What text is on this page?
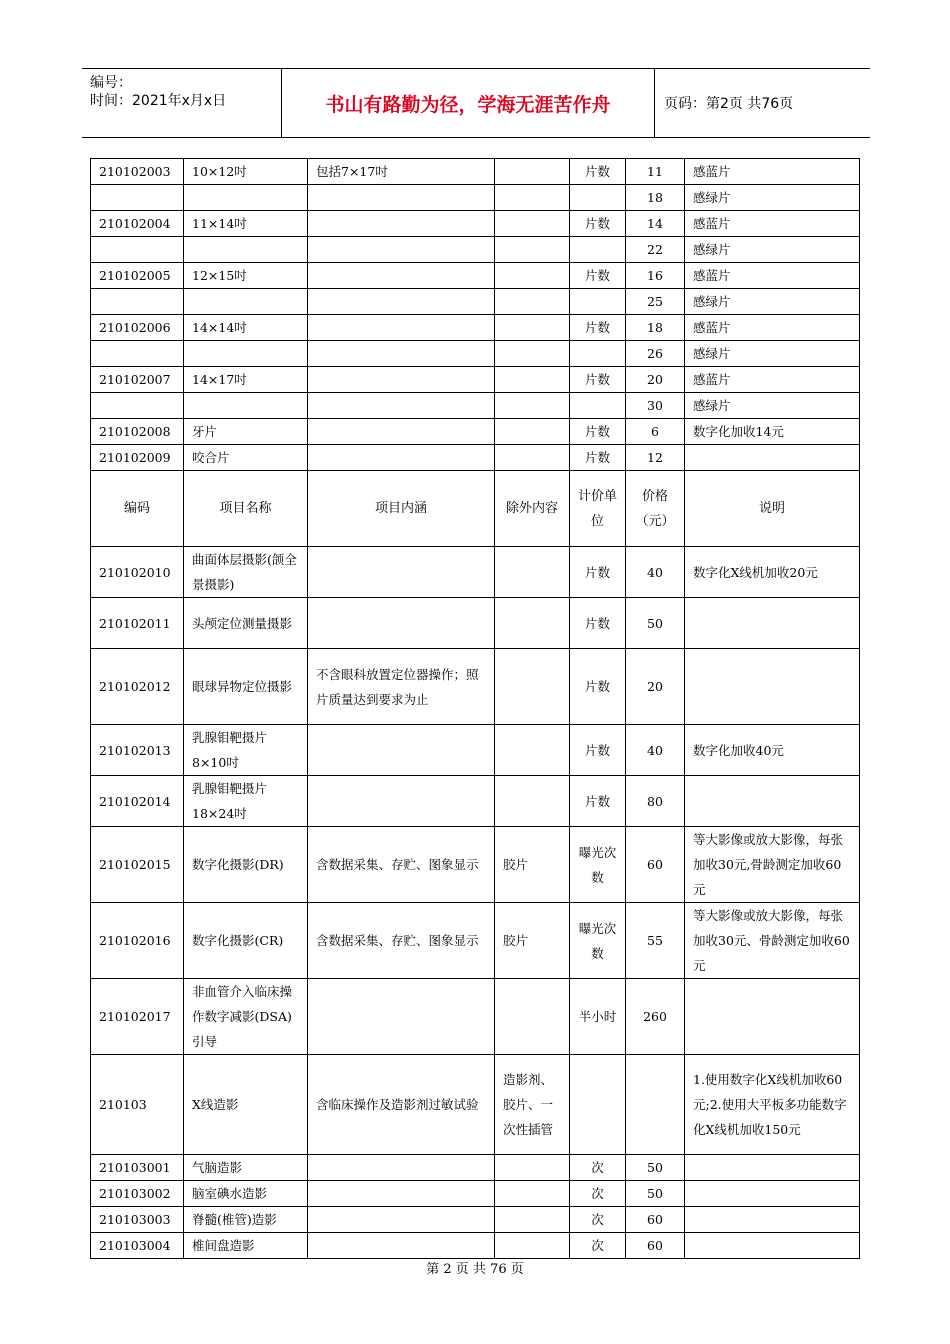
编号：
时间：2021年x月x日	书山有路勤为径，学海无涯苦作舟	页码：第2页 共76页
210102003	10×12吋	包括7×17吋		片数	11	感蓝片
					18	感绿片
210102004	11×14吋			片数	14	感蓝片
					22	感绿片
210102005	12×15吋			片数	16	感蓝片
					25	感绿片
210102006	14×14吋			片数	18	感蓝片
					26	感绿片
210102007	14×17吋			片数	20	感蓝片
					30	感绿片
210102008	牙片			片数	6	数字化加收14元
210102009	咬合片			片数	12	
编码	项目名称	项目内涵	除外内容	计价单位	价格（元）	说明
210102010	曲面体层摄影(颌全景摄影)			片数	40	数字化X线机加收20元
210102011	头颅定位测量摄影			片数	50	
210102012	眼球异物定位摄影	不含眼科放置定位器操作；照片质量达到要求为止		片数	20	
210102013	乳腺钼靶摄片8×10吋			片数	40	数字化加收40元
210102014	乳腺钼靶摄片18×24吋			片数	80	
210102015	数字化摄影(DR)	含数据采集、存贮、图象显示	胶片	曝光次数	60	等大影像或放大影像，每张加收30元,骨龄测定加收60元
210102016	数字化摄影(CR)	含数据采集、存贮、图象显示	胶片	曝光次数	55	等大影像或放大影像，每张加收30元、骨龄测定加收60元
210102017	非血管介入临床操作数字减影(DSA)引导			半小时	260	
210103	X线造影	含临床操作及造影剂过敏试验	造影剂、胶片、一次性插管			1.使用数字化X线机加收60元;2.使用大平板多功能数字化X线机加收150元
210103001	气脑造影			次	50	
210103002	脑室碘水造影			次	50	
210103003	脊髓(椎管)造影			次	60	
210103004	椎间盘造影			次	60	
第 2 页 共 76 页
